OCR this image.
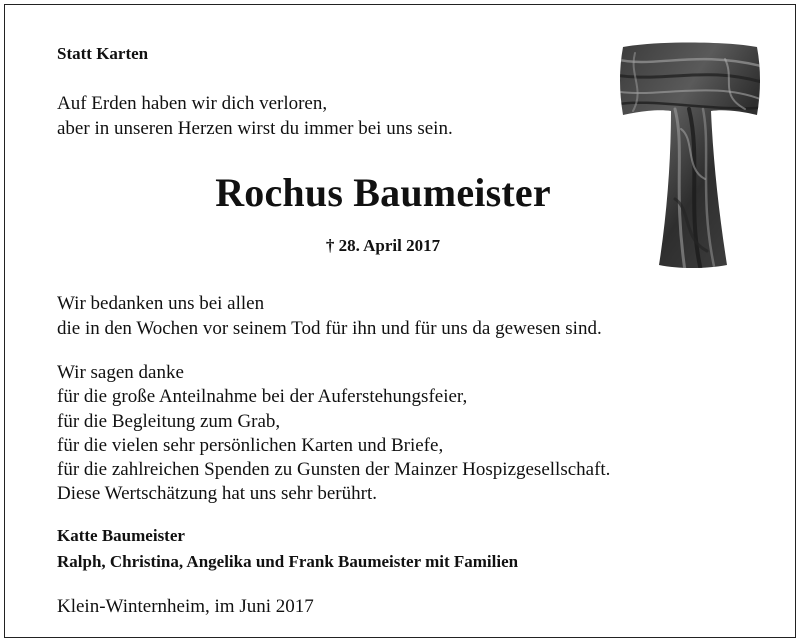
Statt Karten

Auf Erden haben wir dich verloren,
aber in unseren Herzen wirst du immer bei uns sein.

Rochus Baumeister
† 28. April 2017

Wir bedanken uns bei allen
die in den Wochen vor seinem Tod für ihn und für uns da gewesen sind.

Wir sagen danke
für die große Anteilnahme bei der Auferstehungsfeier,
für die Begleitung zum Grab,
für die vielen sehr persönlichen Karten und Briefe,
für die zahlreichen Spenden zu Gunsten der Mainzer Hospizgesellschaft.
Diese Wertschätzung hat uns sehr berührt.

Katte Baumeister
Ralph, Christina, Angelika und Frank Baumeister mit Familien

Klein-Winternheim, im Juni 2017
